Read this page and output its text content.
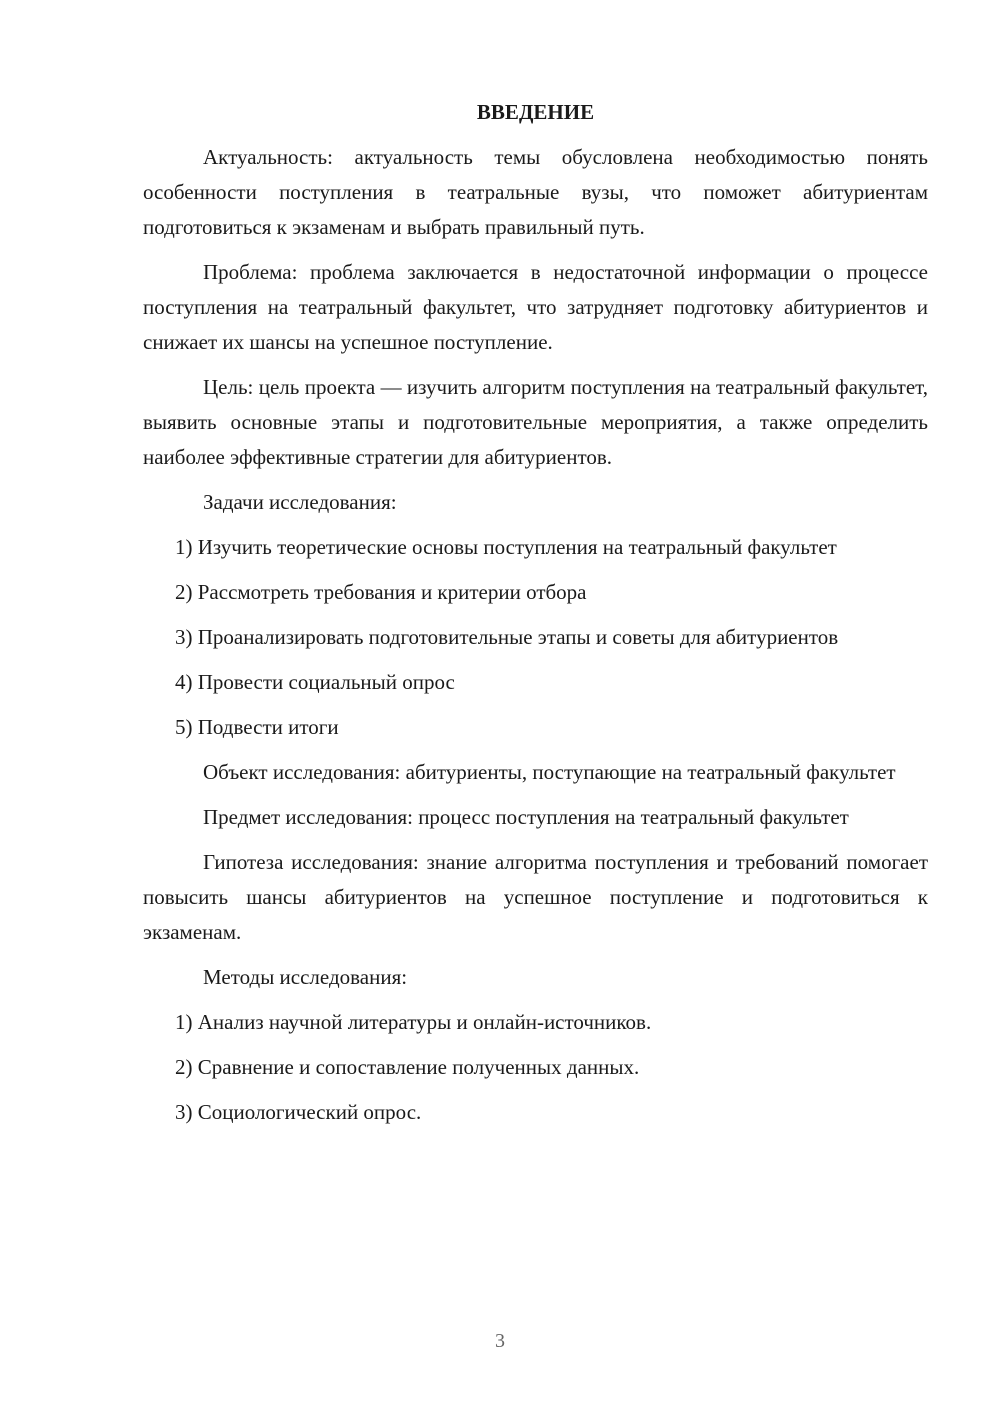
ВВЕДЕНИЕ

Актуальность: актуальность темы обусловлена необходимостью понять особенности поступления в театральные вузы, что поможет абитуриентам подготовиться к экзаменам и выбрать правильный путь.

Проблема: проблема заключается в недостаточной информации о процессе поступления на театральный факультет, что затрудняет подготовку абитуриентов и снижает их шансы на успешное поступление.

Цель: цель проекта — изучить алгоритм поступления на театральный факультет, выявить основные этапы и подготовительные мероприятия, а также определить наиболее эффективные стратегии для абитуриентов.

Задачи исследования:

1) Изучить теоретические основы поступления на театральный факультет

2) Рассмотреть требования и критерии отбора

3) Проанализировать подготовительные этапы и советы для абитуриентов

4) Провести социальный опрос

5) Подвести итоги

Объект исследования: абитуриенты, поступающие на театральный факультет

Предмет исследования: процесс поступления на театральный факультет

Гипотеза исследования: знание алгоритма поступления и требований помогает повысить шансы абитуриентов на успешное поступление и подготовиться к экзаменам.

Методы исследования:

1) Анализ научной литературы и онлайн-источников.

2) Сравнение и сопоставление полученных данных.

3) Социологический опрос.

3
